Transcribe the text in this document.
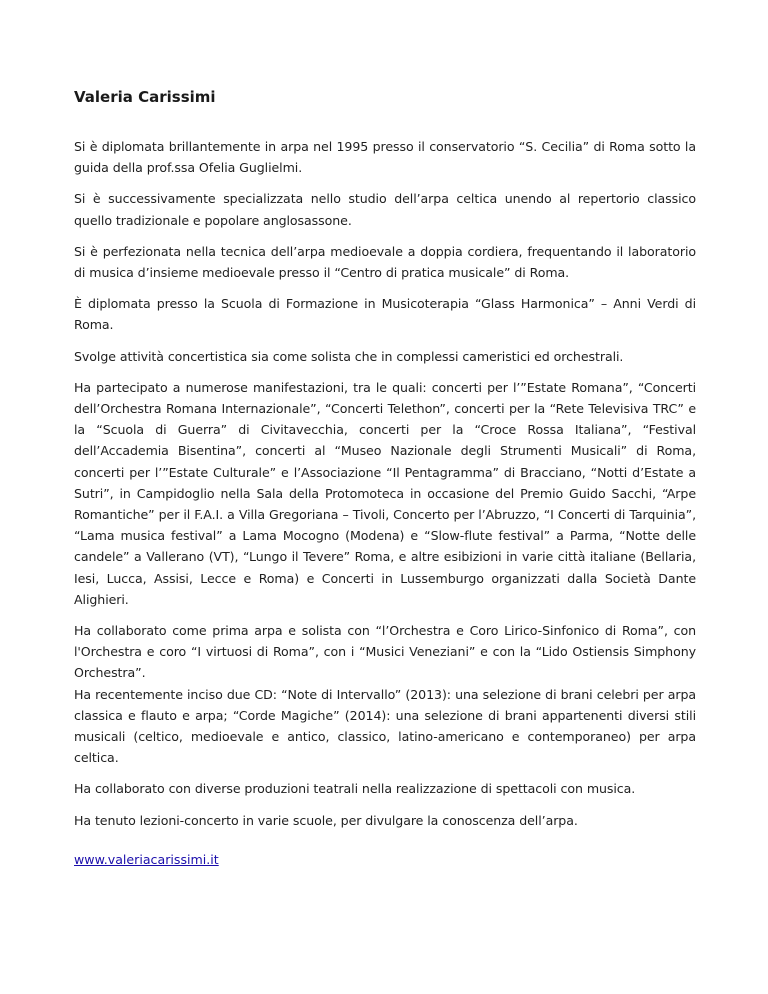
Valeria Carissimi

Si è diplomata brillantemente in arpa nel 1995 presso il conservatorio “S. Cecilia” di Roma sotto la guida della prof.ssa Ofelia Guglielmi.

Si è successivamente specializzata nello studio dell’arpa celtica unendo al repertorio classico quello tradizionale e popolare anglosassone.

Si è perfezionata nella tecnica dell’arpa medioevale a doppia cordiera, frequentando il laboratorio di musica d’insieme medioevale presso il “Centro di pratica musicale” di Roma.

È diplomata presso la Scuola di Formazione in Musicoterapia “Glass Harmonica” – Anni Verdi di Roma.

Svolge attività concertistica sia come solista che in complessi cameristici ed orchestrali.

Ha partecipato a numerose manifestazioni, tra le quali: concerti per l’”Estate Romana”, “Concerti dell’Orchestra Romana Internazionale”, “Concerti Telethon”, concerti per la “Rete Televisiva TRC” e la “Scuola di Guerra” di Civitavecchia, concerti per la “Croce Rossa Italiana”, “Festival dell’Accademia Bisentina”, concerti al “Museo Nazionale degli Strumenti Musicali” di Roma, concerti per l’”Estate Culturale” e l’Associazione “Il Pentagramma” di Bracciano, “Notti d’Estate a Sutri”, in Campidoglio nella Sala della Protomoteca in occasione del Premio Guido Sacchi, “Arpe Romantiche” per il F.A.I. a Villa Gregoriana – Tivoli, Concerto per l’Abruzzo, “I Concerti di Tarquinia”, “Lama musica festival” a Lama Mocogno (Modena) e “Slow-flute festival” a Parma, “Notte delle candele” a Vallerano (VT), “Lungo il Tevere” Roma, e altre esibizioni in varie città italiane (Bellaria, Iesi, Lucca, Assisi, Lecce e Roma) e Concerti in Lussemburgo organizzati dalla Società Dante Alighieri.

Ha collaborato come prima arpa e solista con “l’Orchestra e Coro Lirico-Sinfonico di Roma”, con l'Orchestra e coro “I virtuosi di Roma”, con i “Musici Veneziani” e con la “Lido Ostiensis Simphony Orchestra”.

Ha recentemente inciso due CD: “Note di Intervallo” (2013): una selezione di brani celebri per arpa classica e flauto e arpa; “Corde Magiche” (2014): una selezione di brani appartenenti diversi stili musicali (celtico, medioevale e antico, classico, latino-americano e contemporaneo) per arpa celtica.

Ha collaborato con diverse produzioni teatrali nella realizzazione di spettacoli con musica.

Ha tenuto lezioni-concerto in varie scuole, per divulgare la conoscenza dell’arpa.

www.valeriacarissimi.it
